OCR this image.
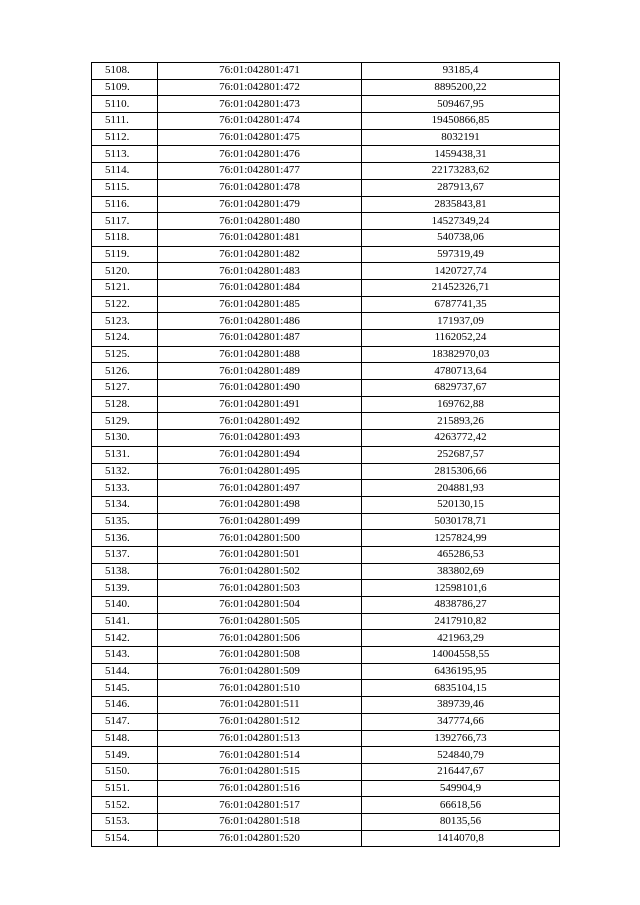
5108.	76:01:042801:471	93185,4
5109.	76:01:042801:472	8895200,22
5110.	76:01:042801:473	509467,95
5111.	76:01:042801:474	19450866,85
5112.	76:01:042801:475	8032191
5113.	76:01:042801:476	1459438,31
5114.	76:01:042801:477	22173283,62
5115.	76:01:042801:478	287913,67
5116.	76:01:042801:479	2835843,81
5117.	76:01:042801:480	14527349,24
5118.	76:01:042801:481	540738,06
5119.	76:01:042801:482	597319,49
5120.	76:01:042801:483	1420727,74
5121.	76:01:042801:484	21452326,71
5122.	76:01:042801:485	6787741,35
5123.	76:01:042801:486	171937,09
5124.	76:01:042801:487	1162052,24
5125.	76:01:042801:488	18382970,03
5126.	76:01:042801:489	4780713,64
5127.	76:01:042801:490	6829737,67
5128.	76:01:042801:491	169762,88
5129.	76:01:042801:492	215893,26
5130.	76:01:042801:493	4263772,42
5131.	76:01:042801:494	252687,57
5132.	76:01:042801:495	2815306,66
5133.	76:01:042801:497	204881,93
5134.	76:01:042801:498	520130,15
5135.	76:01:042801:499	5030178,71
5136.	76:01:042801:500	1257824,99
5137.	76:01:042801:501	465286,53
5138.	76:01:042801:502	383802,69
5139.	76:01:042801:503	12598101,6
5140.	76:01:042801:504	4838786,27
5141.	76:01:042801:505	2417910,82
5142.	76:01:042801:506	421963,29
5143.	76:01:042801:508	14004558,55
5144.	76:01:042801:509	6436195,95
5145.	76:01:042801:510	6835104,15
5146.	76:01:042801:511	389739,46
5147.	76:01:042801:512	347774,66
5148.	76:01:042801:513	1392766,73
5149.	76:01:042801:514	524840,79
5150.	76:01:042801:515	216447,67
5151.	76:01:042801:516	549904,9
5152.	76:01:042801:517	66618,56
5153.	76:01:042801:518	80135,56
5154.	76:01:042801:520	1414070,8
